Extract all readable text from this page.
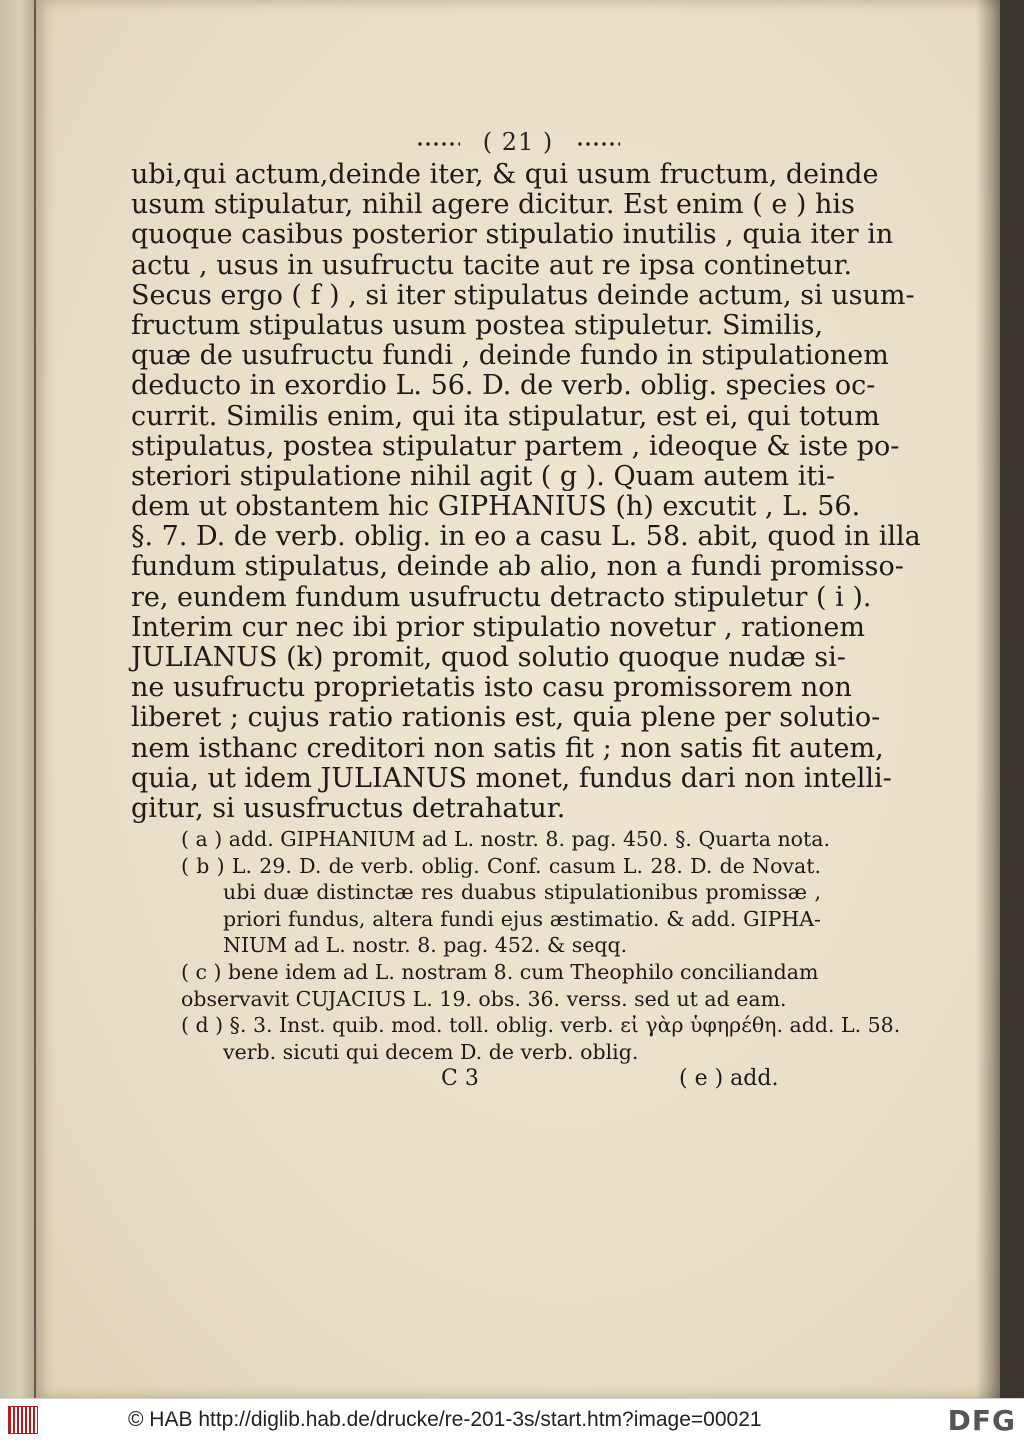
( 21 )
ubi,qui actum,deinde iter, & qui usum fructum, deinde
usum stipulatur, nihil agere dicitur. Est enim ( e ) his
quoque casibus posterior stipulatio inutilis , quia iter in
actu , usus in usufructu tacite aut re ipsa continetur.
Secus ergo ( f ) , si iter stipulatus deinde actum, si usum-
fructum stipulatus usum postea stipuletur. Similis,
quæ de usufructu fundi , deinde fundo in stipulationem
deducto in exordio L. 56. D. de verb. oblig. species oc-
currit. Similis enim, qui ita stipulatur, est ei, qui totum
stipulatus, postea stipulatur partem , ideoque & iste po-
steriori stipulatione nihil agit ( g ). Quam autem iti-
dem ut obstantem hic GIPHANIUS (h) excutit , L. 56.
§. 7. D. de verb. oblig. in eo a casu L. 58. abit, quod in illa
fundum stipulatus, deinde ab alio, non a fundi promisso-
re, eundem fundum usufructu detracto stipuletur ( i ).
Interim cur nec ibi prior stipulatio novetur , rationem
JULIANUS (k) promit, quod solutio quoque nudæ si-
ne usufructu proprietatis isto casu promissorem non
liberet ; cujus ratio rationis est, quia plene per solutio-
nem isthanc creditori non satis fit ; non satis fit autem,
quia, ut idem JULIANUS monet, fundus dari non intelli-
gitur, si ususfructus detrahatur.
( a ) add. GIPHANIUM ad L. nostr. 8. pag. 450. §. Quarta nota.
( b ) L. 29. D. de verb. oblig. Conf. casum L. 28. D. de Novat.
ubi duæ distinctæ res duabus stipulationibus promissæ ,
priori fundus, altera fundi ejus æstimatio. & add. GIPHA-
NIUM ad L. nostr. 8. pag. 452. & seqq.
( c ) bene idem ad L. nostram 8. cum Theophilo conciliandam
observavit CUJACIUS L. 19. obs. 36. verss. sed ut ad eam.
( d ) §. 3. Inst. quib. mod. toll. oblig. verb. εἰ γὰρ ὑφηρέθη. add. L. 58.
verb. sicuti qui decem D. de verb. oblig.
C 3	( e ) add.
© HAB http://diglib.hab.de/drucke/re-201-3s/start.htm?image=00021	DFG
